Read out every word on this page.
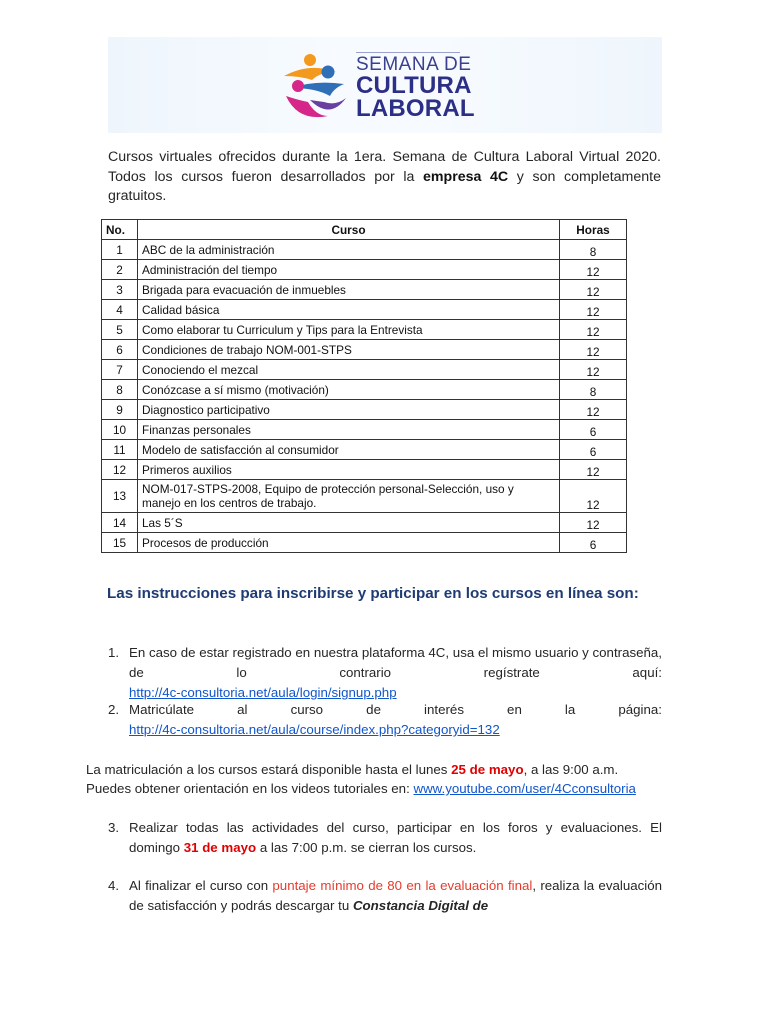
SEMANA DE
CULTURA
LABORAL
Cursos virtuales ofrecidos durante la 1era. Semana de Cultura Laboral Virtual 2020. Todos los cursos fueron desarrollados por la empresa 4C y son completamente gratuitos.
No.	Curso	Horas
1	ABC de la administración	8
2	Administración del tiempo	12
3	Brigada para evacuación de inmuebles	12
4	Calidad básica	12
5	Como elaborar tu Curriculum y Tips para la Entrevista	12
6	Condiciones de trabajo NOM-001-STPS	12
7	Conociendo el mezcal	12
8	Conózcase a sí mismo (motivación)	8
9	Diagnostico participativo	12
10	Finanzas personales	6
11	Modelo de satisfacción al consumidor	6
12	Primeros auxilios	12
13	NOM-017-STPS-2008, Equipo de protección personal-Selección, uso y manejo en los centros de trabajo.	12
14	Las 5´S	12
15	Procesos de producción	6
Las instrucciones para inscribirse y participar en los cursos en línea son:
1. En caso de estar registrado en nuestra plataforma 4C, usa el mismo usuario y contraseña, de lo contrario regístrate aquí:
http://4c-consultoria.net/aula/login/signup.php
2. Matricúlate al curso de interés en la página:
http://4c-consultoria.net/aula/course/index.php?categoryid=132
La matriculación a los cursos estará disponible hasta el lunes 25 de mayo, a las 9:00 a.m.
Puedes obtener orientación en los videos tutoriales en: www.youtube.com/user/4Cconsultoria
3. Realizar todas las actividades del curso, participar en los foros y evaluaciones. El domingo 31 de mayo a las 7:00 p.m. se cierran los cursos.
4. Al finalizar el curso con puntaje mínimo de 80 en la evaluación final, realiza la evaluación de satisfacción y podrás descargar tu Constancia Digital de
